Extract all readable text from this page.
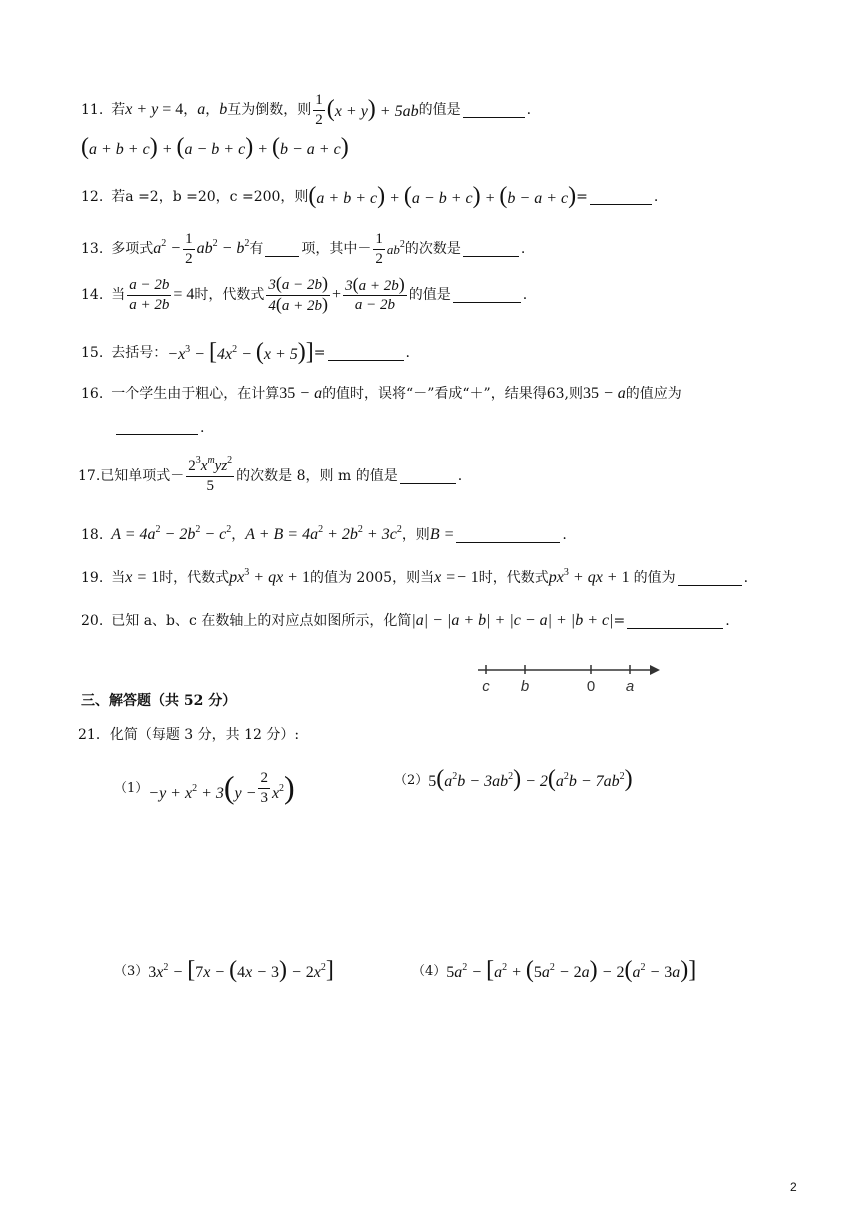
11. 若 x + y = 4 ， a ， b 互为倒数，则 $\frac{1}{2} (x + y) + 5ab$ 的值是	.
(a + b + c) + (a − b + c) + (b − a + c)
12. 若 a =2， b =20， c =200，则 (a + b + c) + (a − b + c) + (b − a + c) =	.
13. 多项式 $a^2 - \frac{1}{2} ab^2 - b^2$ 有	项，其中－ $\frac{1}{2} ab^2$ 的次数是	.
14. 当 $\frac{a - 2b}{a + 2b} = 4$ 时，代数式 $\frac{3(a - 2b)}{4(a + 2b)} + \frac{3(a + 2b)}{a - 2b}$ 的值是	.
15. 去括号： $-x^3 - [4x^2 - (x + 5)]$ =	.
16. 一个学生由于粗心，在计算 35 − a 的值时，误将“－”看成“＋”，结果得63,则 35 − a 的值应为
.
17. 已知单项式－ $\frac{2^3x^myz^2}{5}$ 的次数是 8，则 m 的值是	.
18. $A = 4a^2 - 2b^2 - c^2$ ， $A + B = 4a^2 + 2b^2 + 3c^2$ ，则 B =	.
19. 当 x = 1 时，代数式 $px^3$ + qx + 1 的值为 2005，则当 x =− 1 时，代数式 $px^3$ + qx + 1 的值为	.
20. 已知 a、b、c 在数轴上的对应点如图所示，化简 |a| − |a + b| + |c − a| + |b + c| =	.
c b	0 a
三、解答题（共 52 分）
21．化简（每题 3 分，共 12 分）:
$(1) -y + x^2 + 3(y - \frac{2}{3} x^2)$	（2） $5(a^2b - 3ab^2) - 2(a^2b - 7ab^2)$
（3） $3x^2 - [7x - (4x - 3) - 2x^2]$	（4） $5a^2 - [a^2 + (5a^2 - 2a) - 2(a^2 - 3a)]$
2
